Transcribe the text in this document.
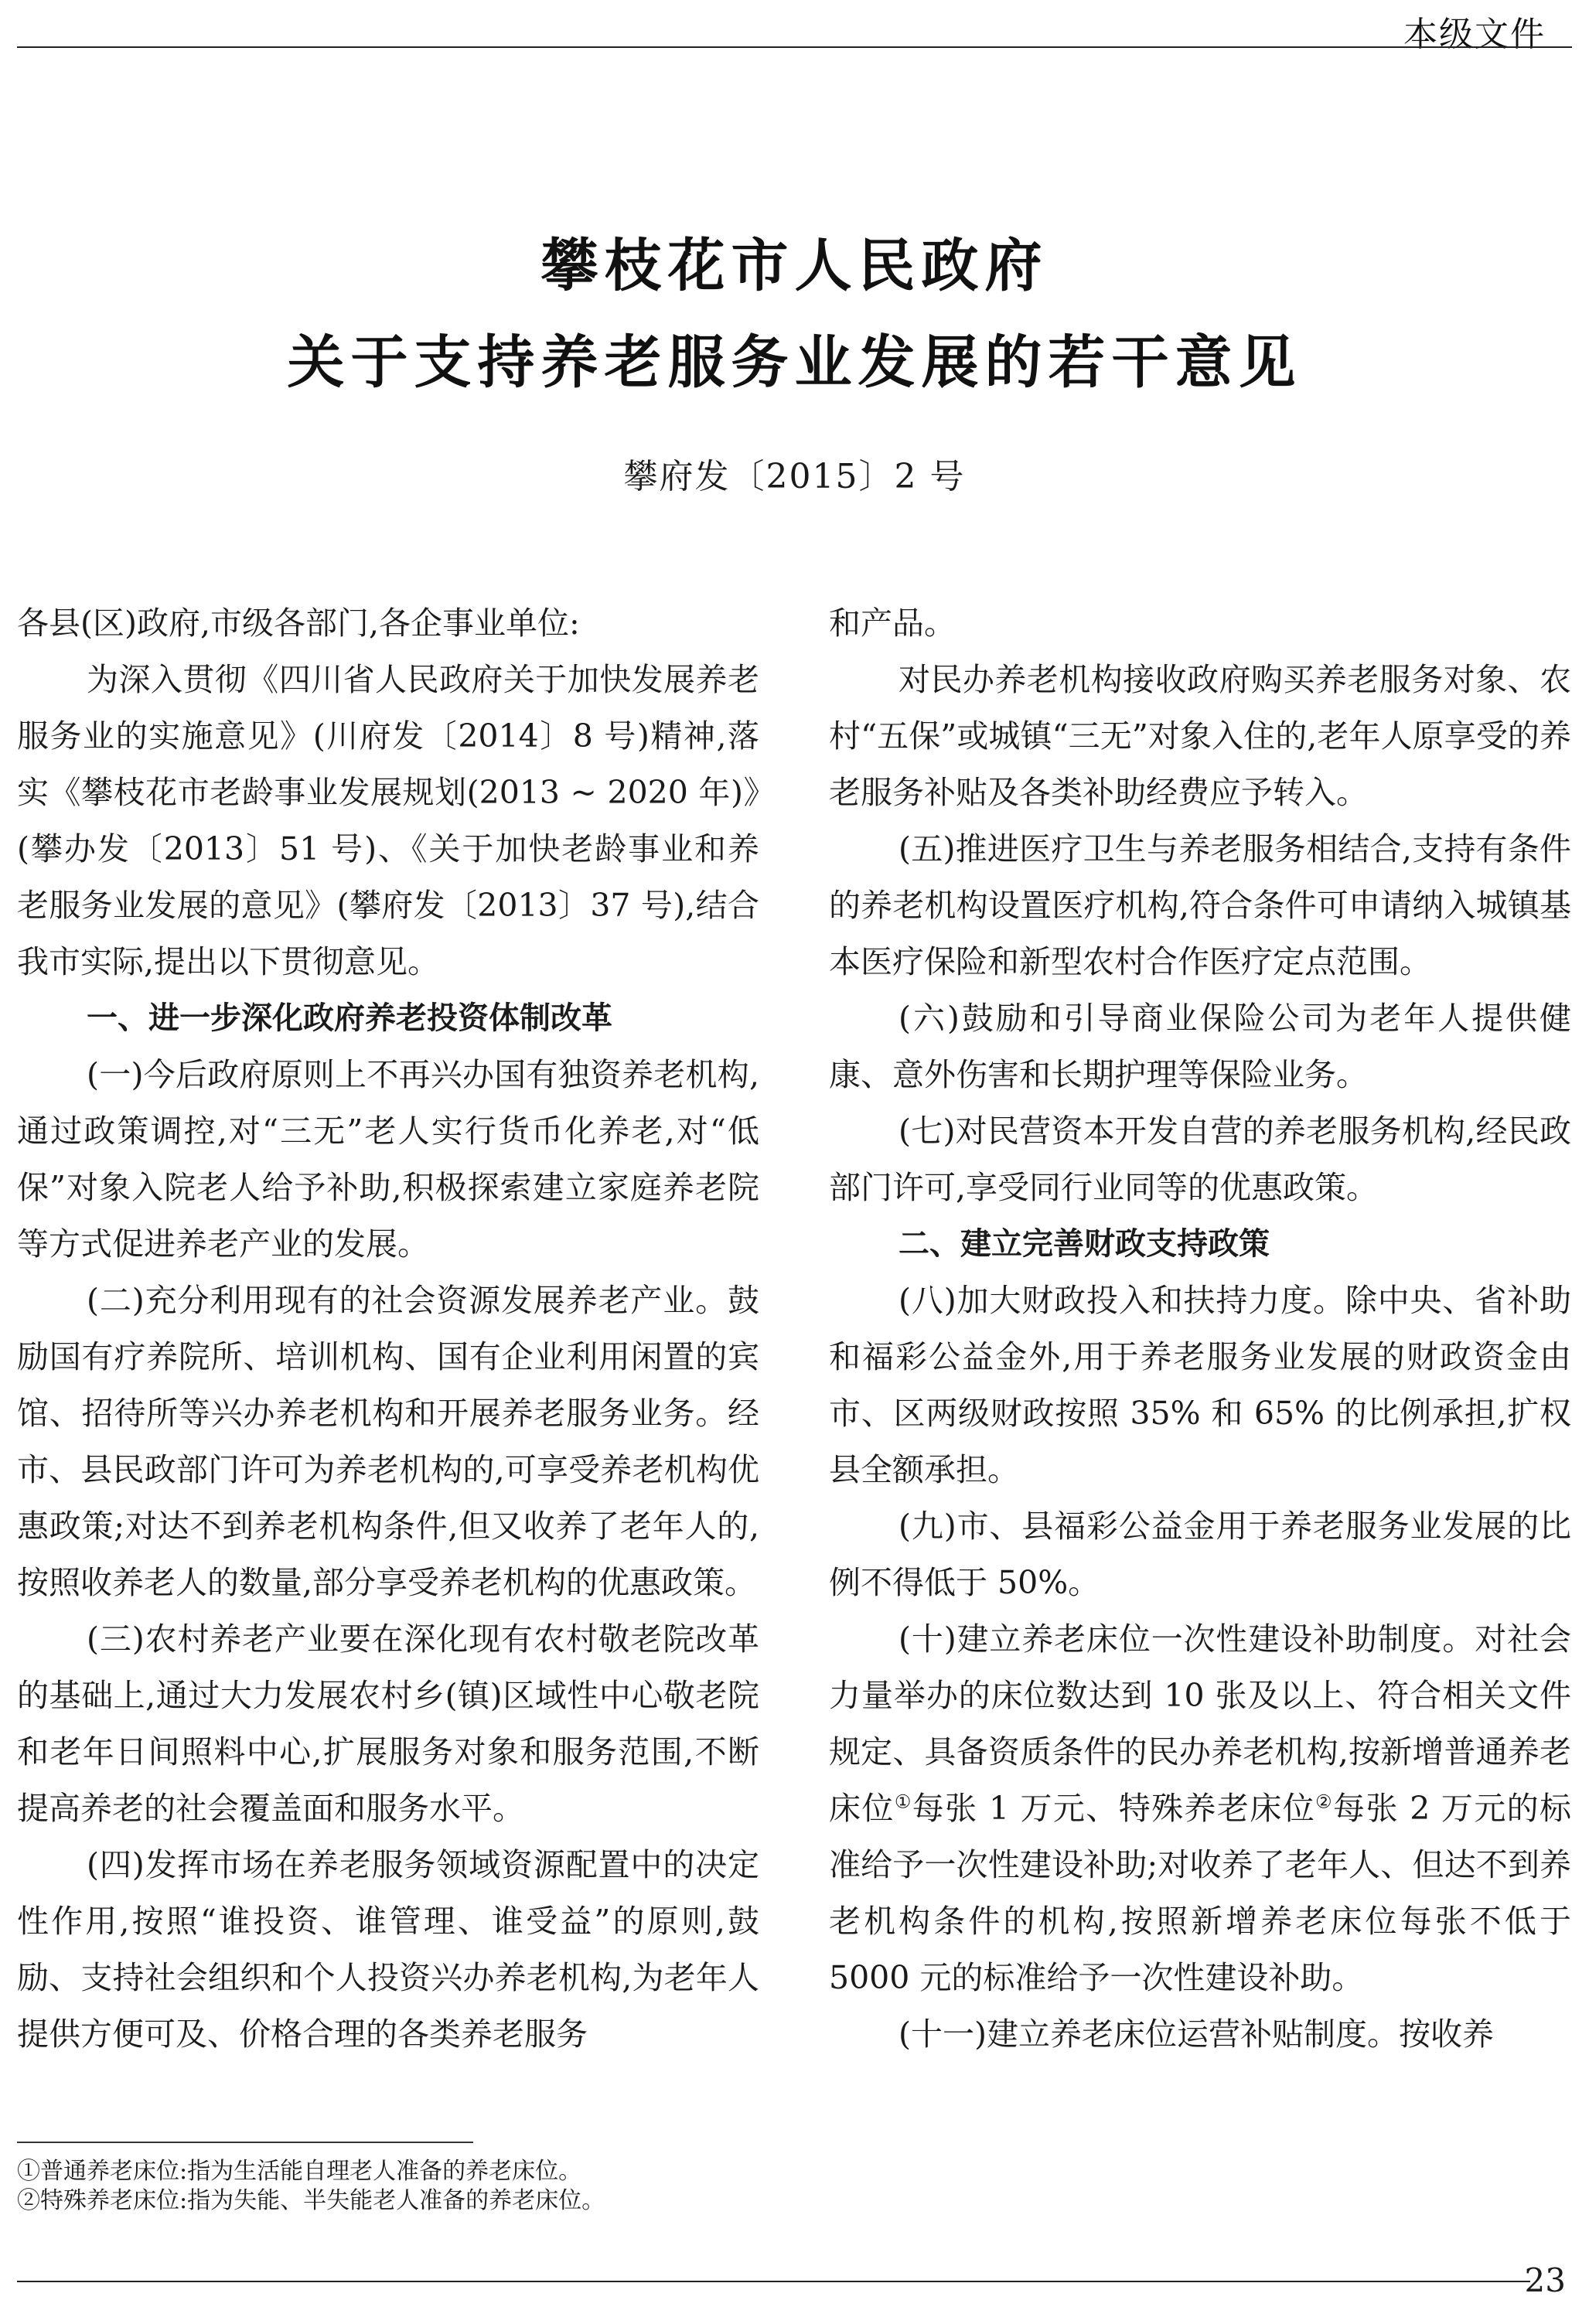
本级文件
攀枝花市人民政府
关于支持养老服务业发展的若干意见
攀府发〔2015〕2 号

各县(区)政府,市级各部门,各企事业单位:

为深入贯彻《四川省人民政府关于加快发展养老服务业的实施意见》(川府发〔2014〕8 号)精神,落实《攀枝花市老龄事业发展规划(2013 ~ 2020 年)》(攀办发〔2013〕51 号)、《关于加快老龄事业和养老服务业发展的意见》(攀府发〔2013〕37 号),结合我市实际,提出以下贯彻意见。

一、进一步深化政府养老投资体制改革

(一)今后政府原则上不再兴办国有独资养老机构,通过政策调控,对“三无”老人实行货币化养老,对“低保”对象入院老人给予补助,积极探索建立家庭养老院等方式促进养老产业的发展。

(二)充分利用现有的社会资源发展养老产业。鼓励国有疗养院所、培训机构、国有企业利用闲置的宾馆、招待所等兴办养老机构和开展养老服务业务。经市、县民政部门许可为养老机构的,可享受养老机构优惠政策;对达不到养老机构条件,但又收养了老年人的,按照收养老人的数量,部分享受养老机构的优惠政策。

(三)农村养老产业要在深化现有农村敬老院改革的基础上,通过大力发展农村乡(镇)区域性中心敬老院和老年日间照料中心,扩展服务对象和服务范围,不断提高养老的社会覆盖面和服务水平。

(四)发挥市场在养老服务领域资源配置中的决定性作用,按照“谁投资、谁管理、谁受益”的原则,鼓励、支持社会组织和个人投资兴办养老机构,为老年人提供方便可及、价格合理的各类养老服务

和产品。

对民办养老机构接收政府购买养老服务对象、农村“五保”或城镇“三无”对象入住的,老年人原享受的养老服务补贴及各类补助经费应予转入。

(五)推进医疗卫生与养老服务相结合,支持有条件的养老机构设置医疗机构,符合条件可申请纳入城镇基本医疗保险和新型农村合作医疗定点范围。

(六)鼓励和引导商业保险公司为老年人提供健康、意外伤害和长期护理等保险业务。

(七)对民营资本开发自营的养老服务机构,经民政部门许可,享受同行业同等的优惠政策。

二、建立完善财政支持政策

(八)加大财政投入和扶持力度。除中央、省补助和福彩公益金外,用于养老服务业发展的财政资金由市、区两级财政按照 35% 和 65% 的比例承担,扩权县全额承担。

(九)市、县福彩公益金用于养老服务业发展的比例不得低于 50%。

(十)建立养老床位一次性建设补助制度。对社会力量举办的床位数达到 10 张及以上、符合相关文件规定、具备资质条件的民办养老机构,按新增普通养老床位①每张 1 万元、特殊养老床位②每张 2 万元的标准给予一次性建设补助;对收养了老年人、但达不到养老机构条件的机构,按照新增养老床位每张不低于 5000 元的标准给予一次性建设补助。

(十一)建立养老床位运营补贴制度。按收养

①普通养老床位:指为生活能自理老人准备的养老床位。

②特殊养老床位:指为失能、半失能老人准备的养老床位。

23
